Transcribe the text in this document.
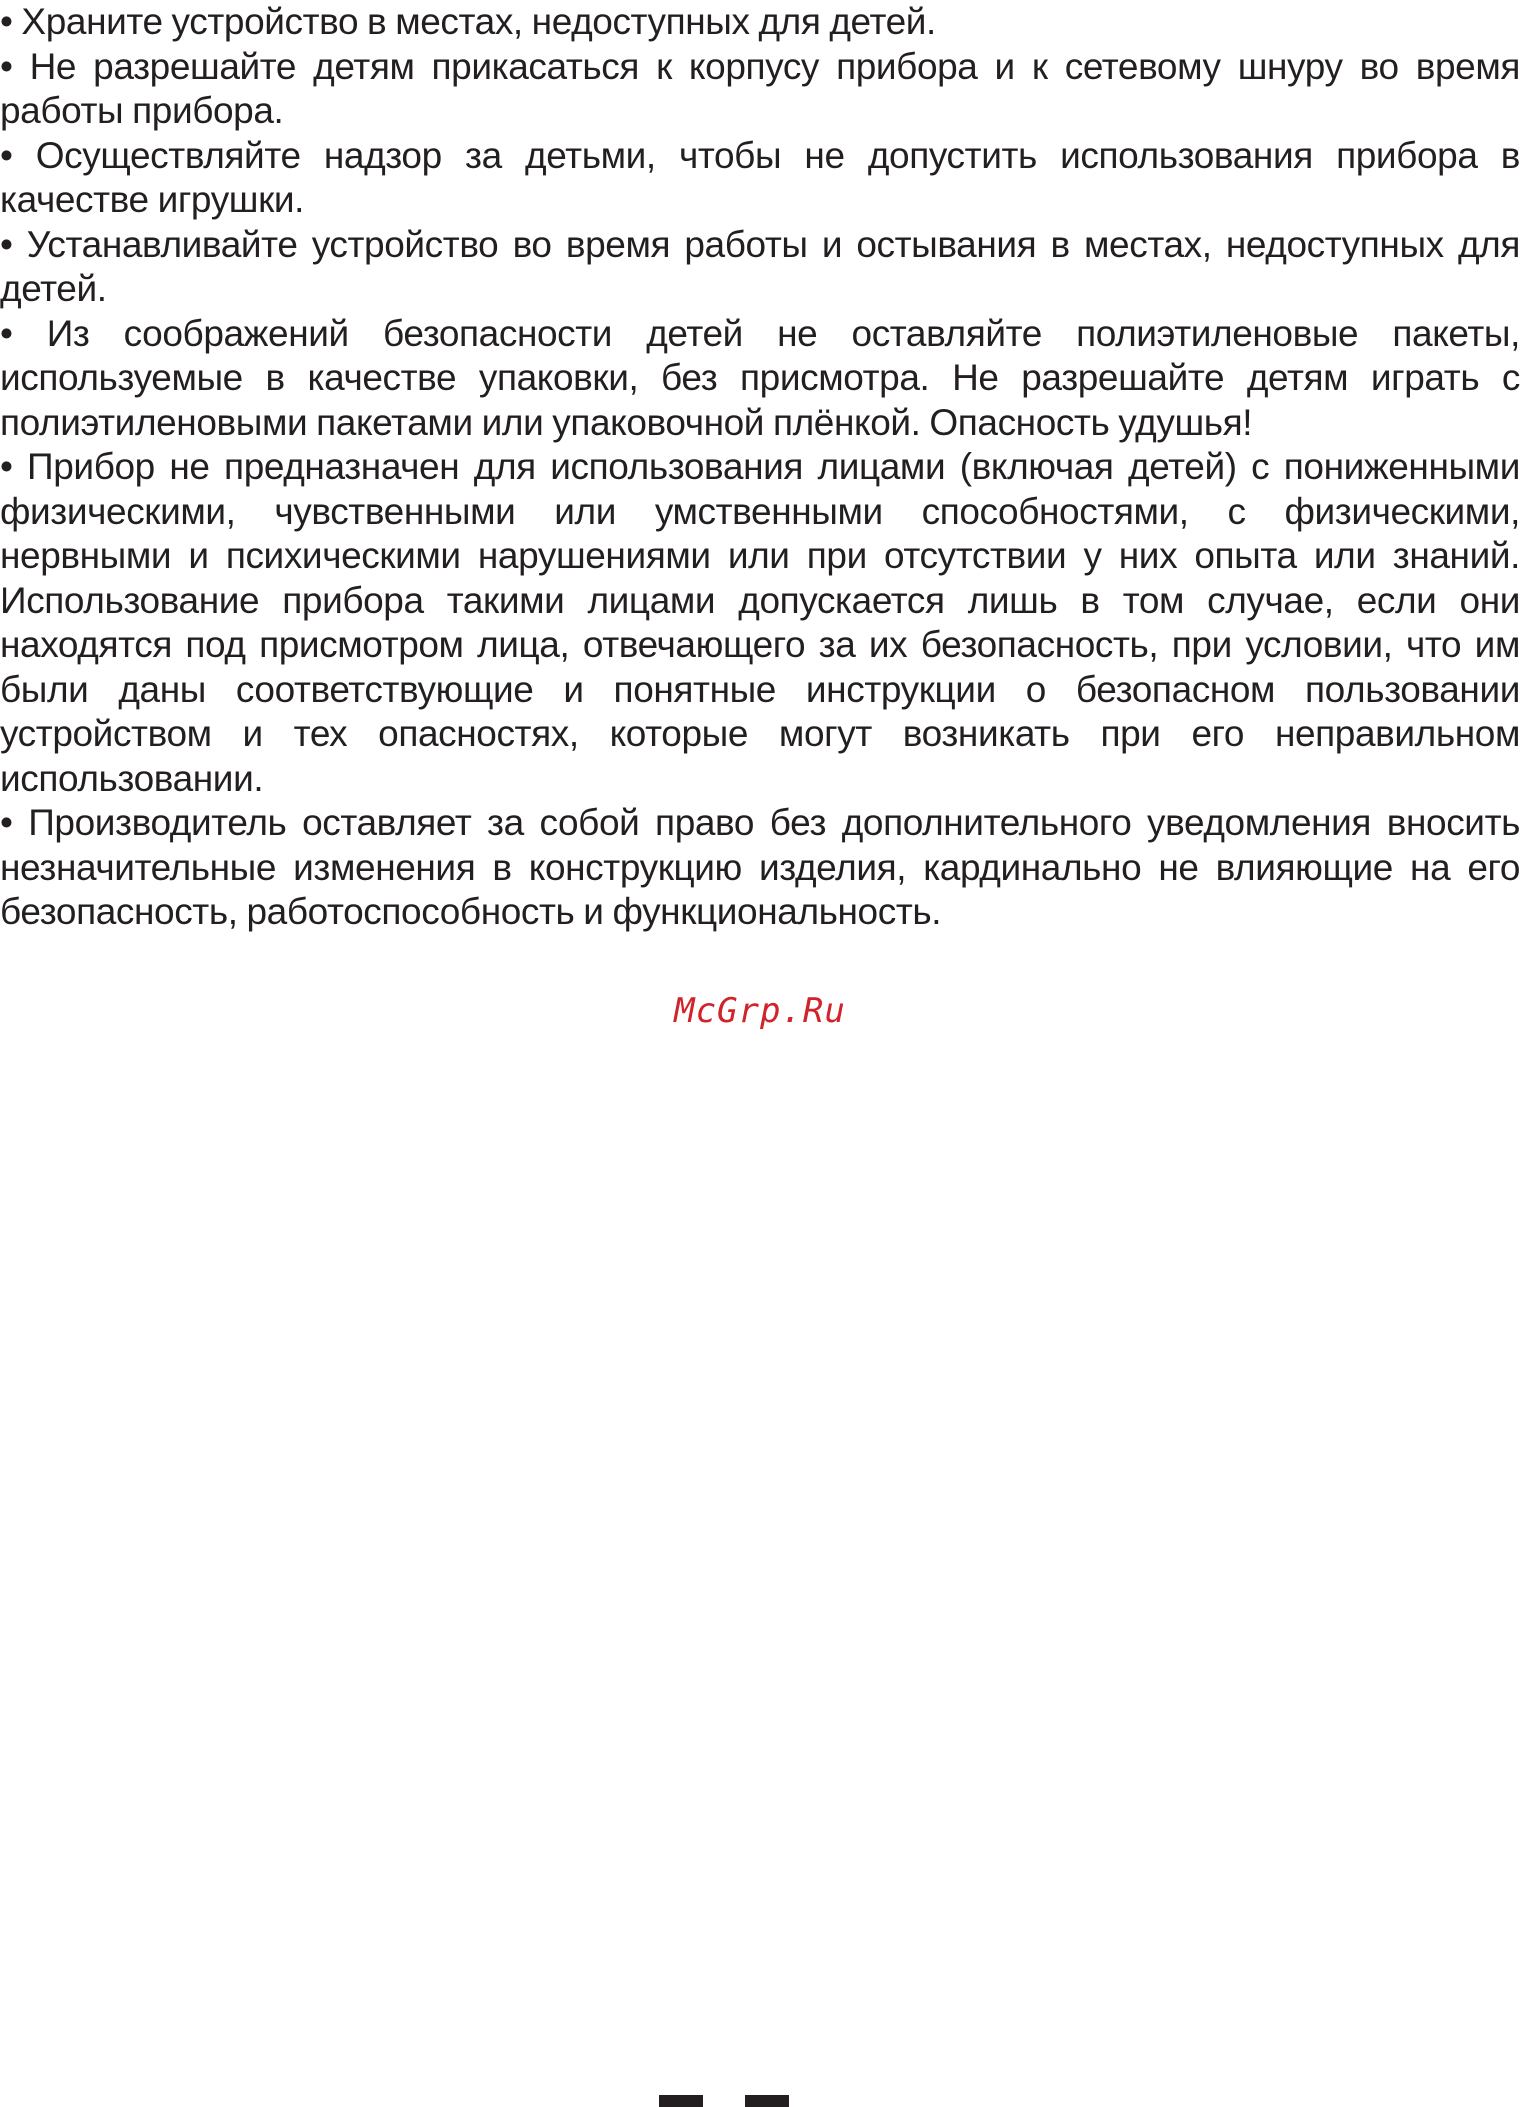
• Храните устройство в местах, недоступных для детей.

• Не разрешайте детям прикасаться к корпусу прибора и к сетевому шнуру во время работы прибора.

• Осуществляйте надзор за детьми, чтобы не допустить использования прибора в качестве игрушки.

• Устанавливайте устройство во время работы и остывания в местах, недоступных для детей.

• Из соображений безопасности детей не оставляйте полиэтиленовые пакеты, используемые в качестве упаковки, без присмотра. Не разрешайте детям играть с полиэтиленовыми пакетами или упаковочной плёнкой. Опасность удушья!

• Прибор не предназначен для использования лицами (включая детей) с пониженными физическими, чувственными или умственными способностями, с физическими, нервными и психическими нарушениями или при отсутствии у них опыта или знаний. Использование прибора такими лицами допускается лишь в том случае, если они находятся под присмотром лица, отвечающего за их безопасность, при условии, что им были даны соответствующие и понятные инструкции о безопасном пользовании устройством и тех опасностях, которые могут возникать при его неправильном использовании.

• Производитель оставляет за собой право без дополнительного уведомления вносить незначительные изменения в конструкцию изделия, кардинально не влияющие на его безопасность, работоспособность и функциональность.

McGrp.Ru
